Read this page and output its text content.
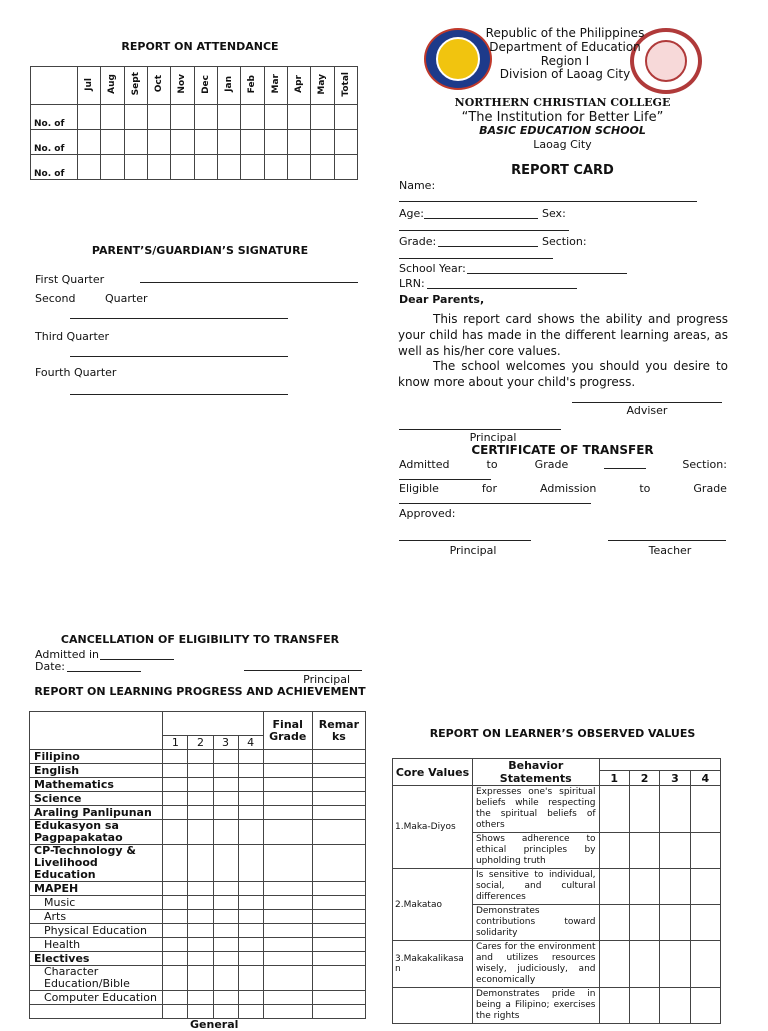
REPORT ON ATTENDANCE
	Jul	Aug	Sept	Oct	Nov	Dec	Jan	Feb	Mar	Apr	May	Total
No. of												
No. of												
No. of												
PARENT’S/GUARDIAN’S SIGNATURE
First Quarter
Second	Quarter
Third Quarter
Fourth Quarter
Republic of the Philippines
Department of Education
Region I
Division of Laoag City
NORTHERN CHRISTIAN COLLEGE
“The Institution for Better Life”
BASIC EDUCATION SCHOOL
Laoag City
REPORT CARD
Name:
Age:	Sex:
Grade:	Section:
School Year:
LRN:
Dear Parents,
This report card shows the ability and progress your child has made in the different learning areas, as well as his/her core values.
The school welcomes you should you desire to know more about your child's progress.
Adviser
Principal
CERTIFICATE OF TRANSFER
Admitted	to	Grade	Section:
Eligible	for	Admission	to	Grade
Approved:
Principal	Teacher
CANCELLATION OF ELIGIBILITY TO TRANSFER
Admitted in
Date:
Principal
REPORT ON LEARNING PROGRESS AND ACHIEVEMENT
					Final Grade	Remar ks
	1	2	3	4		
Filipino						
English						
Mathematics						
Science						
Araling Panlipunan						
Edukasyon sa Pagpapakatao						
CP-Technology & Livelihood Education						
MAPEH						
Music						
Arts						
Physical Education						
Health						
Electives						
Character Education/Bible						
Computer Education						

General
REPORT ON LEARNER’S OBSERVED VALUES
Core Values	Behavior Statements				
		1	2	3	4
1.Maka-Diyos	Expresses one's spiritual beliefs while respecting the spiritual beliefs of others				
	Shows adherence to ethical principles by upholding truth				
2.Makatao	Is sensitive to individual, social, and cultural differences				
	Demonstrates contributions toward solidarity				
3.Makakalikasa n	Cares for the environment and utilizes resources wisely, judiciously, and economically				
	Demonstrates pride in being a Filipino; exercises the rights				
